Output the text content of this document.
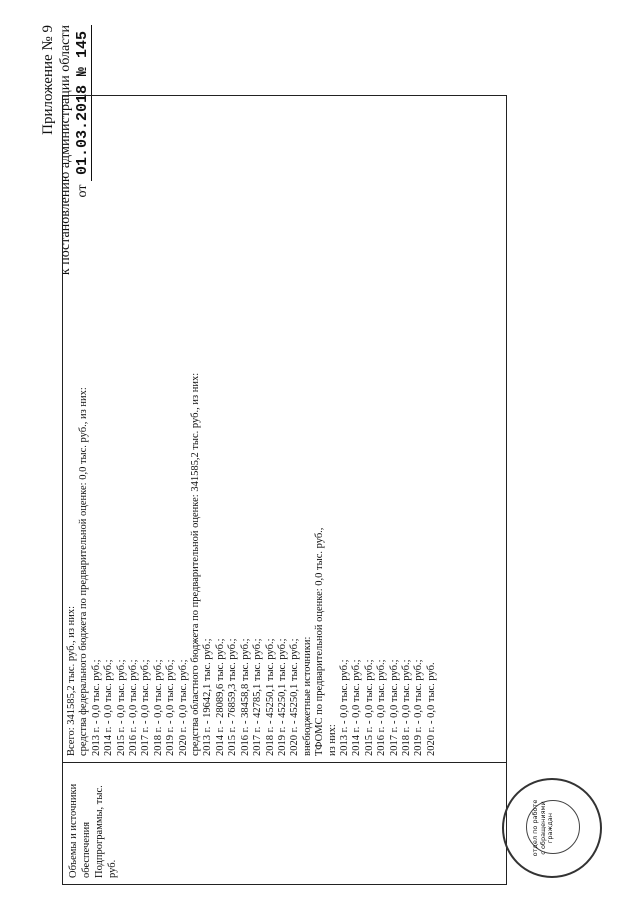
Приложение № 9 к постановлению администрации области от 01.03.2018 № 145
Объемы и источники обеспечения Подпрограммы, тыс. руб.
Всего: 341585,2 тыс. руб., из них: средства федерального бюджета по предварительной оценке: 0,0 тыс. руб., из них: 2013 г. - 0,0 тыс. руб.; 2014 г. - 0,0 тыс. руб.; 2015 г. - 0,0 тыс. руб.; 2016 г. - 0,0 тыс. руб.; 2017 г. - 0,0 тыс. руб.; 2018 г. - 0,0 тыс. руб.; 2019 г. - 0,0 тыс. руб.; 2020 г. - 0,0 тыс. руб.; средства областного бюджета по предварительной оценке: 341585,2 тыс. руб., из них: 2013 г. - 19642,1 тыс. руб.; 2014 г. - 28089,6 тыс. руб.; 2015 г. - 76859,3 тыс. руб.; 2016 г. - 38458,8 тыс. руб.; 2017 г. - 42785,1 тыс. руб.; 2018 г. - 45250,1 тыс. руб.; 2019 г. - 45250,1 тыс. руб.; 2020 г. - 45250,1 тыс. руб.; внебюджетные источники: ТФОМС по предварительной оценке: 0,0 тыс. руб., из них: 2013 г. - 0,0 тыс. руб.; 2014 г. - 0,0 тыс. руб.; 2015 г. - 0,0 тыс. руб.; 2016 г. - 0,0 тыс. руб.; 2017 г. - 0,0 тыс. руб.; 2018 г. - 0,0 тыс. руб.; 2019 г. - 0,0 тыс. руб.; 2020 г. - 0,0 тыс. руб.
отдел по работе с обращениями граждан
